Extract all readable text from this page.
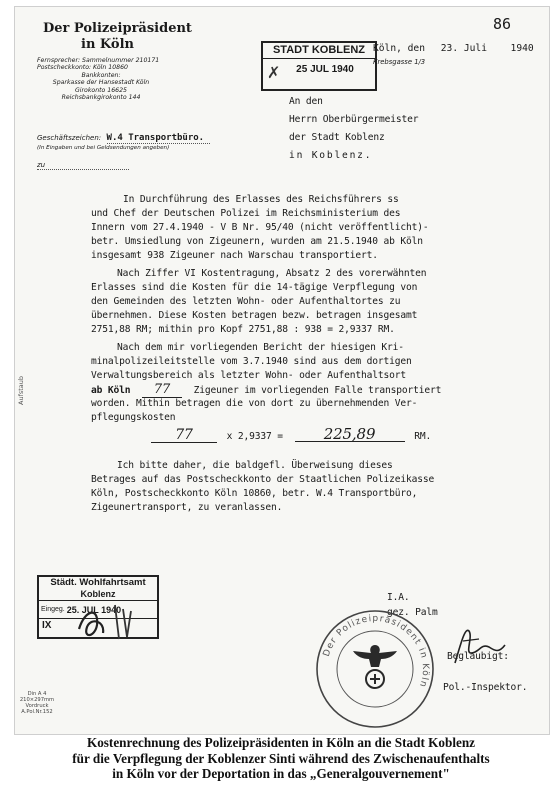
86
Der Polizeipräsident
in Köln
Fernsprecher: Sammelnummer 210171
Postscheckkonto: Köln 10860
Bankkonten:
Sparkasse der Hansestadt Köln
Girokonto 16625
Reichsbankgirokonto 144
Geschäftszeichen: W.4 Transportbüro.
(In Eingaben und bei Geldsendungen angeben)
zu
STADT KOBLENZ
25 JUL 1940
✗
Köln, den 23. Juli 1940
Krebsgasse 1/3
An den
Herrn Oberbürgermeister
der Stadt Koblenz
in Koblenz.
Aufstaub
In Durchführung des Erlasses des Reichsführers ss
und Chef der Deutschen Polizei im Reichsministerium des
Innern vom 27.4.1940 - V B Nr. 95/40 (nicht veröffentlicht)-
betr. Umsiedlung von Zigeunern, wurden am 21.5.1940 ab Köln
insgesamt 938 Zigeuner nach Warschau transportiert.
Nach Ziffer VI Kostentragung, Absatz 2 des vorerwähnten
Erlasses sind die Kosten für die 14-tägige Verpflegung von
den Gemeinden des letzten Wohn- oder Aufenthaltortes zu
übernehmen. Diese Kosten betragen bezw. betragen insgesamt
2751,88 RM; mithin pro Kopf 2751,88 : 938 = 2,9337 RM.
Nach dem mir vorliegenden Bericht der hiesigen Kri-
minalpolizeileitstelle vom 3.7.1940 sind aus dem dortigen
Verwaltungsbereich als letzter Wohn- oder Aufenthaltsort
ab Köln 77 Zigeuner im vorliegenden Falle transportiert
worden. Mithin betragen die von dort zu übernehmenden Ver-
pflegungskosten
77	x 2,9337 =	225,89	RM.
Ich bitte daher, die baldgefl. Überweisung dieses
Betrages auf das Postscheckkonto der Staatlichen Polizeikasse
Köln, Postscheckkonto Köln 10860, betr. W.4 Transportbüro,
Zigeunertransport, zu veranlassen.
Städt. Wohlfahrtsamt
Koblenz
Eingeg. 25. JUL 1940
IX
I.A.
gez. Palm
Beglaubigt:
Pol.-Inspektor.
Der Polizeipräsident in Köln
Din A 4
210×297mm
Vordruck
A.Pol.Nr.152
Kostenrechnung des Polizeipräsidenten in Köln an die Stadt Koblenz
für die Verpflegung der Koblenzer Sinti während des Zwischenaufenthalts
in Köln vor der Deportation in das „Generalgouvernement"
